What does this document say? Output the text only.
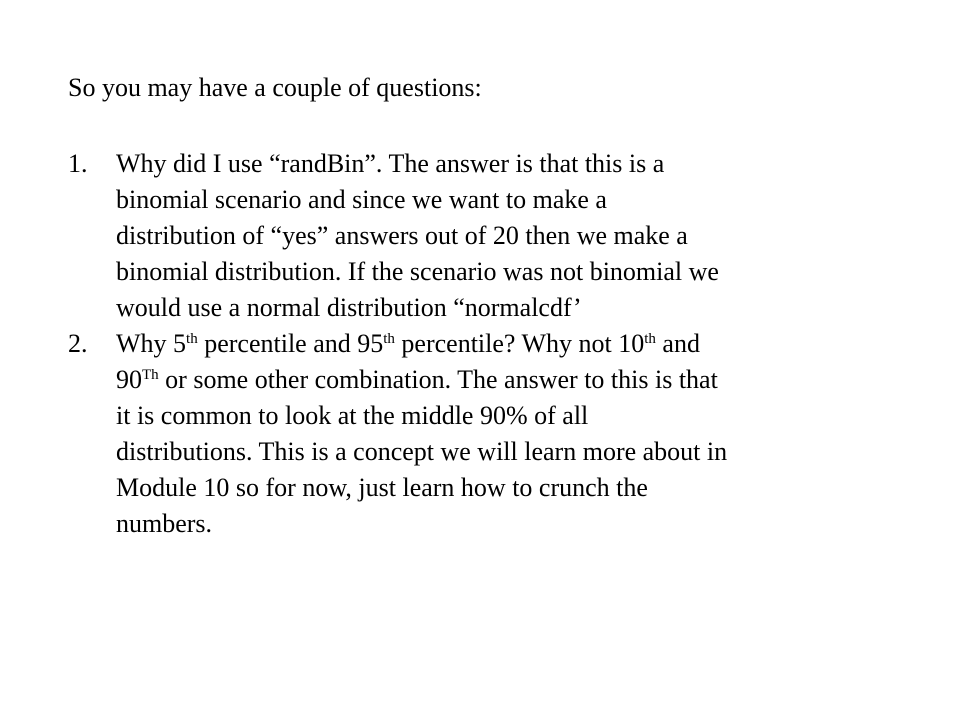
So you may have a couple of questions:
1. Why did I use “randBin”. The answer is that this is a
binomial scenario and since we want to make a
distribution of “yes” answers out of 20 then we make a
binomial distribution. If the scenario was not binomial we
would use a normal distribution “normalcdf’
2. Why 5th percentile and 95th percentile? Why not 10th and
90Th or some other combination. The answer to this is that
it is common to look at the middle 90% of all
distributions. This is a concept we will learn more about in
Module 10 so for now, just learn how to crunch the
numbers.
